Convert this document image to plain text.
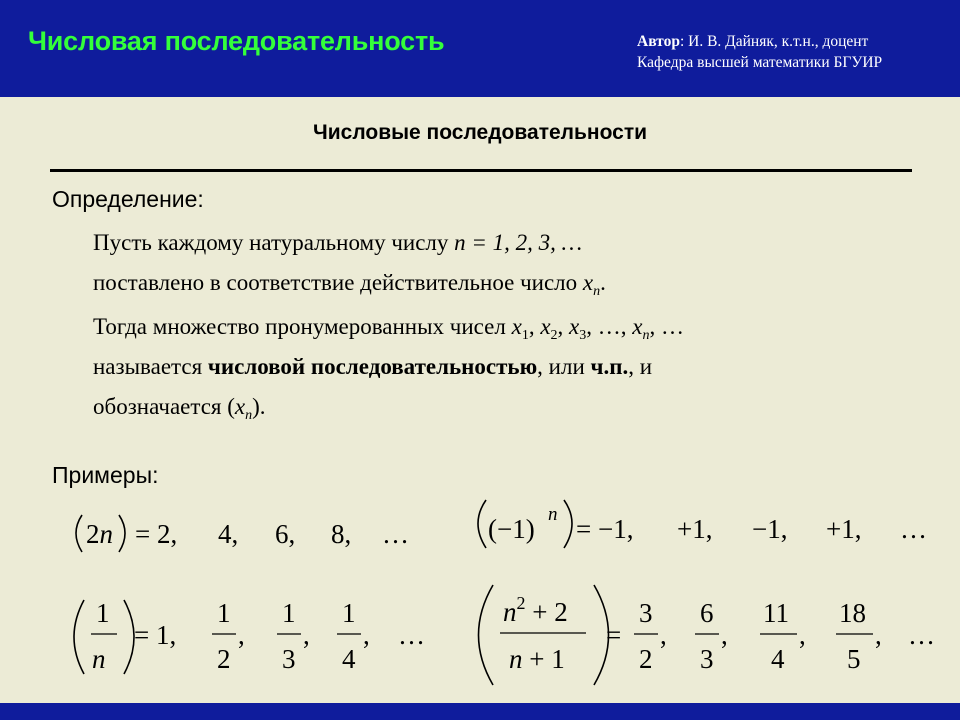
Числовая последовательность	Автор: И. В. Дайняк, к.т.н., доцент
Кафедра высшей математики БГУИР
Числовые последовательности
Определение:
Пусть каждому натуральному числу n = 1, 2, 3, …
поставлено в соответствие действительное число $x_n$.
Тогда множество пронумерованных чисел $x_1$, $x_2$, $x_3$, …, $x_n$, …
называется числовой последовательностью, или ч.п., и
обозначается $(x_n)$.
Примеры:
2n = 2, 4, 6, 8, …	(−1) n = −1, +1, −1, +1, …
1
n
= 1,
1
2
,
1
3
,
1
4
, …
$n^2 + 2$
n + 1
=
3
2
,
6
3
,
11
4
,
18
5
, …
